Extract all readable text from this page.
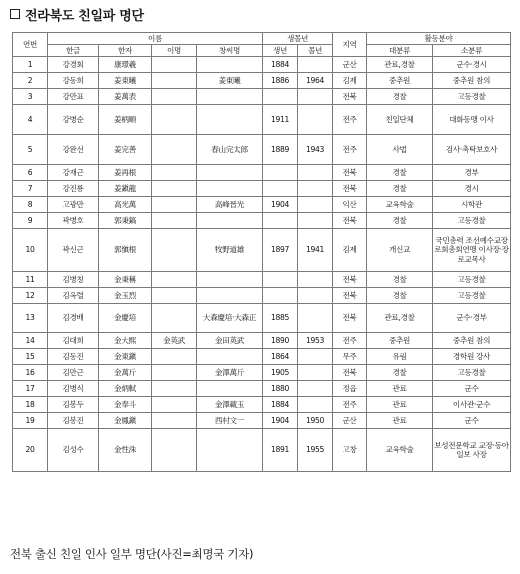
전라북도 친일파 명단
연번	이름				생몰년		지역	활동분야	
	한글	한자	이명	창씨명	생년	몰년		대분류	소분류
1	강경회	康璟羲			1884		군산	관료,경찰	군수·경시
2	강동희	姜東曦		姜東曦	1886	1964	김제	중추원	중추원 참의
3	강만표	姜萬表					전북	경찰	고등경찰
4	강병순	姜柄順			1911		전주	친일단체	대화동맹 이사
5	강완선	姜完善		春山完太郎	1889	1943	전주	사법	검사·촉탁보호사
6	강재근	姜再根					전북	경찰	경부
7	강진룡	姜鎭龍					전북	경찰	경시
8	고광만	高光萬		高峰晉光	1904		익산	교육학술	시학관
9	곽병호	郭秉鎬					전북	경찰	고등경찰
10	곽신근	郭愼根		牧野道雄	1897	1941	김제	개신교	국민총력 조선예수교장로회총회연맹 이사장·장로교목사
11	김병칭	金秉稱					전북	경찰	고등경찰
12	김옥렬	金玉烈					전북	경찰	고등경찰
13	김경배	金慶培		大森慶培·大森正	1885		전북	관료,경찰	군수·경부
14	김대희	金大熙	金英武	金田英武	1890	1953	전주	중추원	중추원 참의
15	김동진	金東鎭			1864		무주	유림	경학원 강사
16	김만근	金萬斤		金澤萬斤	1905		전북	경찰	고등경찰
17	김병식	金炳軾			1880		정읍	관료	군수
18	김봉두	金奉斗		金澤載玉	1884		전주	관료	이사관·군수
19	김봉진	金鳳鎭		西村文一	1904	1950	군산	관료	군수
20	김성수	金性洙			1891	1955	고창	교육학술	보성전문학교 교장·동아일보 사장
전북 출신 친일 인사 일부 명단(사진=최명국 기자)
